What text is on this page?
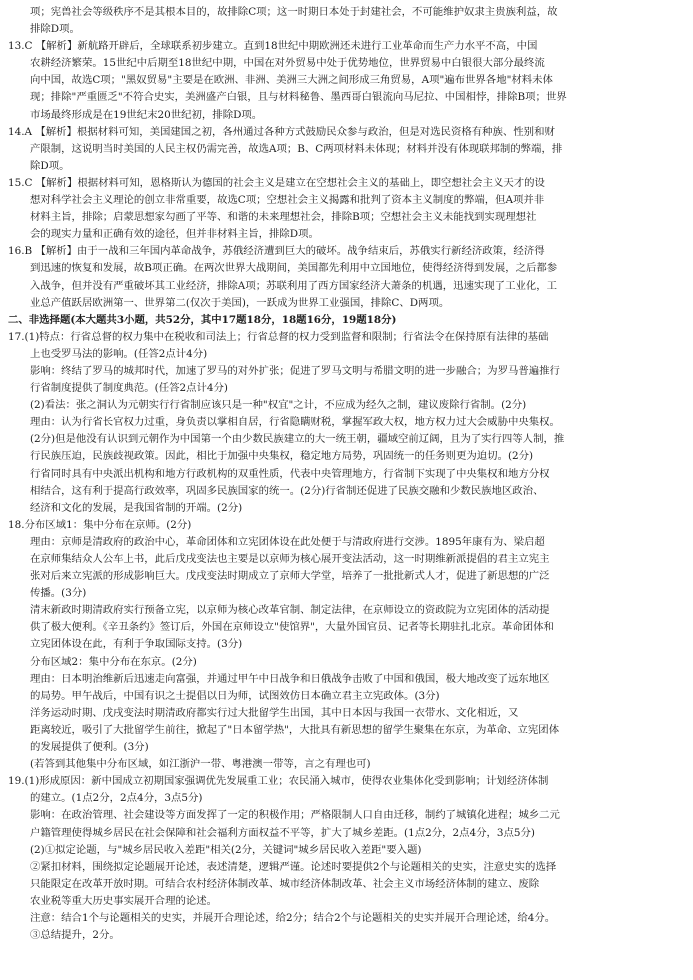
项；宪兽社会等级秩序不是其根本目的，故排除C项；这一时期日本处于封建社会，不可能维护奴隶主贵族利益，故
排除D项。
13.C 【解析】新航路开辟后，全球联系初步建立。直到18世纪中期欧洲还未进行工业革命而生产力水平不高，中国
农耕经济繁荣。15世纪中后期至18世纪中期，中国在对外贸易中处于优势地位，世界贸易中白银很大部分最终流
向中国，故选C项；"黑奴贸易"主要是在欧洲、非洲、美洲三大洲之间形成三角贸易，A项"遍布世界各地"材料未体
现；排除"严重匮乏"不符合史实，美洲盛产白银，且与材料秘鲁、墨西哥白银流向马尼拉、中国相悖，排除B项；世界
市场最终形成是在19世纪末20世纪初，排除D项。
14.A 【解析】根据材料可知，美国建国之初，各州通过各种方式鼓励民众参与政治，但是对选民资格有种族、性别和财
产限制，这说明当时美国的人民主权仍需完善，故选A项；B、C两项材料未体现；材料并没有体现联邦制的弊端，排
除D项。
15.C 【解析】根据材料可知，恩格斯认为德国的社会主义是建立在空想社会主义的基础上，即空想社会主义天才的设
想对科学社会主义理论的创立非常重要，故选C项；空想社会主义揭露和批判了资本主义制度的弊端，但A项并非
材料主旨，排除；启蒙思想家勾画了平等、和谐的未来理想社会，排除B项；空想社会主义未能找到实现理想社
会的现实力量和正确有效的途径，但并非材料主旨，排除D项。
16.B 【解析】由于一战和三年国内革命战争，苏俄经济遭到巨大的破坏。战争结束后，苏俄实行新经济政策，经济得
到迅速的恢复和发展，故B项正确。在两次世界大战期间，美国都先利用中立国地位，使得经济得到发展，之后都参
入战争，但并没有严重破坏其工业经济，排除A项；苏联利用了西方国家经济大萧条的机遇，迅速实现了工业化，工
业总产值跃居欧洲第一、世界第二(仅次于美国)，一跃成为世界工业强国，排除C、D两项。
二、非选择题(本大题共3小题，共52分，其中17题18分，18题16分，19题18分)
17.(1)特点：行省总督的权力集中在税收和司法上；行省总督的权力受到监督和限制；行省法令在保持原有法律的基础
上也受罗马法的影响。(任答2点计4分)
影响：终结了罗马的城邦时代，加速了罗马的对外扩张；促进了罗马文明与希腊文明的进一步融合；为罗马普遍推行
行省制度提供了制度典范。(任答2点计4分)
(2)看法：张之洞认为元朝实行行省制应该只是一种"权宜"之计，不应成为经久之制，建议废除行省制。(2分)
理由：认为行省长官权力过重，身负责以掌相自居，行省隐瞒财税，掌握军政大权，地方权力过大会威胁中央集权。
(2分)但是他没有认识到元朝作为中国第一个由少数民族建立的大一统王朝，疆域空前辽阔，且为了实行四等人制，推
行民族压迫，民族歧视政策。因此，相比于加强中央集权，稳定地方局势，巩固统一的任务则更为迫切。(2分)
行省同时具有中央派出机构和地方行政机构的双重性质，代表中央管理地方，行省制下实现了中央集权和地方分权
相结合，这有利于提高行政效率，巩固多民族国家的统一。(2分)行省制还促进了民族交融和少数民族地区政治、
经济和文化的发展，是我国省制的开端。(2分)
18.分布区域1：集中分布在京师。(2分)
理由：京师是清政府的政治中心，革命团体和立宪团体设在此处便于与清政府进行交涉。1895年康有为、梁启超
在京师集结众人公车上书，此后戊戌变法也主要是以京师为核心展开变法活动，这一时期维新派提倡的君主立宪主
张对后来立宪派的形成影响巨大。戊戌变法时期成立了京师大学堂，培养了一批批新式人才，促进了新思想的广泛
传播。(3分)
清末新政时期清政府实行预备立宪，以京师为核心改革官制、制定法律，在京师设立的资政院为立宪团体的活动提
供了极大便利。《辛丑条约》签订后，外国在京师设立"使馆界"，大量外国官员、记者等长期驻扎北京。革命团体和
立宪团体设在此，有利于争取国际支持。(3分)
分布区域2：集中分布在东京。(2分)
理由：日本明治维新后迅速走向富强，并通过甲午中日战争和日俄战争击败了中国和俄国，极大地改变了远东地区
的局势。甲午战后，中国有识之士提倡以日为师，试图效仿日本确立君主立宪政体。(3分)
洋务运动时期、戊戌变法时期清政府都实行过大批留学生出国，其中日本因与我国一衣带水、文化相近，又
距离较近，吸引了大批留学生前往，掀起了"日本留学热"，大批具有新思想的留学生聚集在东京，为革命、立宪团体
的发展提供了便利。(3分)
(若答到其他集中分布区域，如江浙沪一带、粤港澳一带等，言之有理也可)
19.(1)形成原因：新中国成立初期国家强调优先发展重工业；农民涌入城市，使得农业集体化受到影响；计划经济体制
的建立。(1点2分，2点4分，3点5分)
影响：在政治管理、社会建设等方面发挥了一定的积极作用；严格限制人口自由迁移，制约了城镇化进程；城乡二元
户籍管理使得城乡居民在社会保障和社会福利方面权益不平等，扩大了城乡差距。(1点2分，2点4分，3点5分)
(2)①拟定论题，与"城乡居民收入差距"相关(2分，关键词"城乡居民收入差距"要入题)
②紧扣材料，围绕拟定论题展开论述，表述清楚，逻辑严谨。论述时要提供2个与论题相关的史实，注意史实的选择
只能限定在改革开放时期。可结合农村经济体制改革、城市经济体制改革、社会主义市场经济体制的建立、废除
农业税等重大历史事实展开合理的论述。
注意：结合1个与论题相关的史实，并展开合理论述，给2分；结合2个与论题相关的史实并展开合理论述，给4分。
③总结提升，2分。
